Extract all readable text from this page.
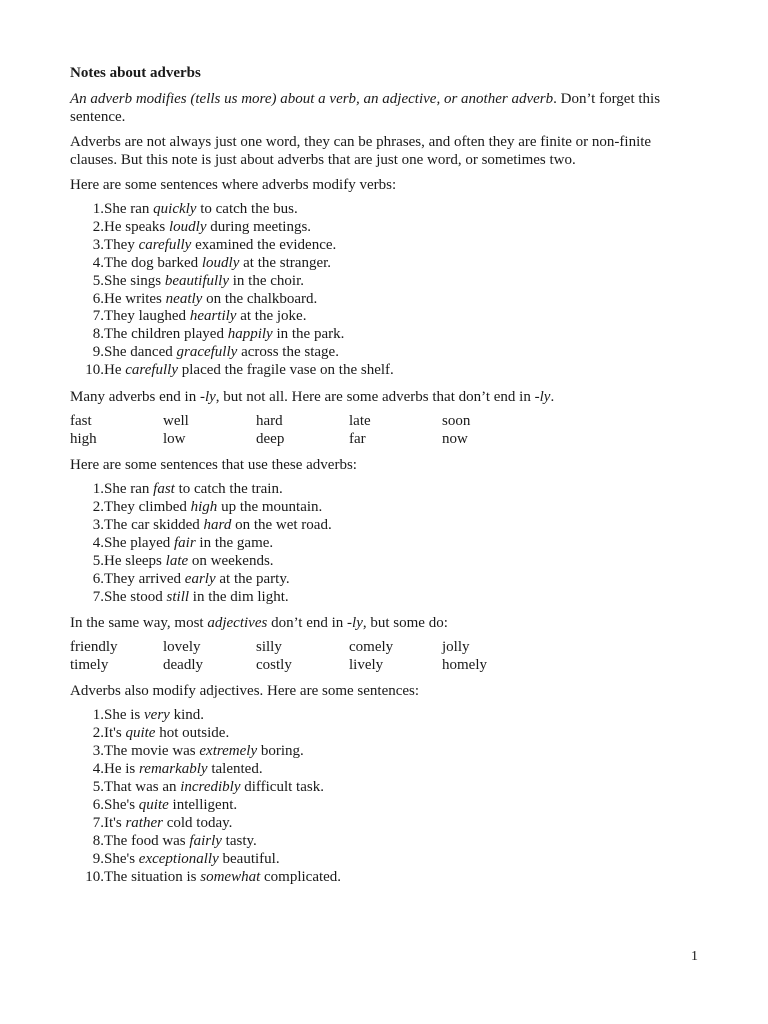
Notes about adverbs

An adverb modifies (tells us more) about a verb, an adjective, or another adverb. Don’t forget this sentence.

Adverbs are not always just one word, they can be phrases, and often they are finite or non-finite clauses. But this note is just about adverbs that are just one word, or sometimes two.

Here are some sentences where adverbs modify verbs:

1. She ran quickly to catch the bus.
2. He speaks loudly during meetings.
3. They carefully examined the evidence.
4. The dog barked loudly at the stranger.
5. She sings beautifully in the choir.
6. He writes neatly on the chalkboard.
7. They laughed heartily at the joke.
8. The children played happily in the park.
9. She danced gracefully across the stage.
10. He carefully placed the fragile vase on the shelf.

Many adverbs end in -ly, but not all. Here are some adverbs that don’t end in -ly.

fast	well	hard	late	soon
high	low	deep	far	now

Here are some sentences that use these adverbs:

1. She ran fast to catch the train.
2. They climbed high up the mountain.
3. The car skidded hard on the wet road.
4. She played fair in the game.
5. He sleeps late on weekends.
6. They arrived early at the party.
7. She stood still in the dim light.

In the same way, most adjectives don’t end in -ly, but some do:

friendly	lovely	silly	comely	jolly
timely	deadly	costly	lively	homely

Adverbs also modify adjectives. Here are some sentences:

1. She is very kind.
2. It's quite hot outside.
3. The movie was extremely boring.
4. He is remarkably talented.
5. That was an incredibly difficult task.
6. She's quite intelligent.
7. It's rather cold today.
8. The food was fairly tasty.
9. She's exceptionally beautiful.
10. The situation is somewhat complicated.
1
